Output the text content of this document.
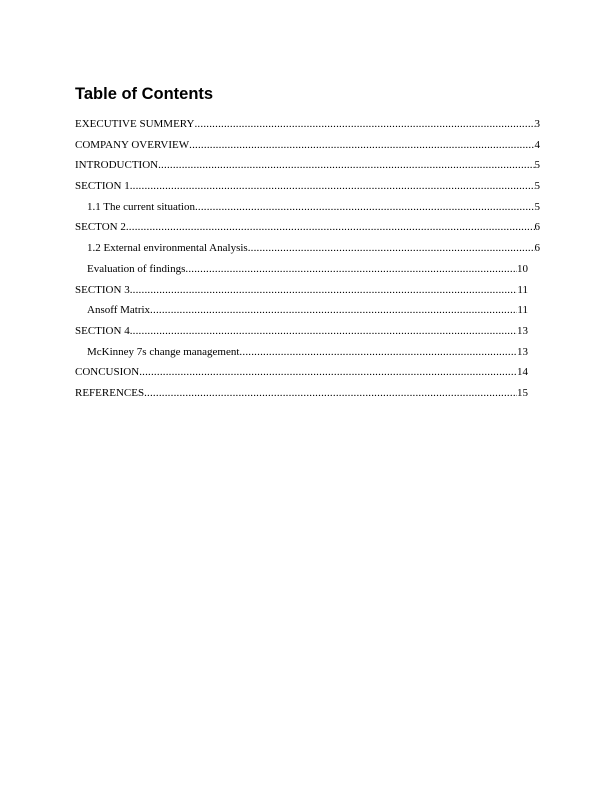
Table of Contents
EXECUTIVE SUMMERY .....	3
COMPANY OVERVIEW .....	4
INTRODUCTION .....	5
SECTION 1 .....	5
1.1 The current situation .....	5
SECTON 2 .....	6
1.2 External environmental Analysis .....	6
Evaluation of findings .....	10
SECTION 3 .....	11
Ansoff Matrix .....	11
SECTION 4 .....	13
McKinney 7s change management .....	13
CONCUSION .....	14
REFERENCES .....	15
